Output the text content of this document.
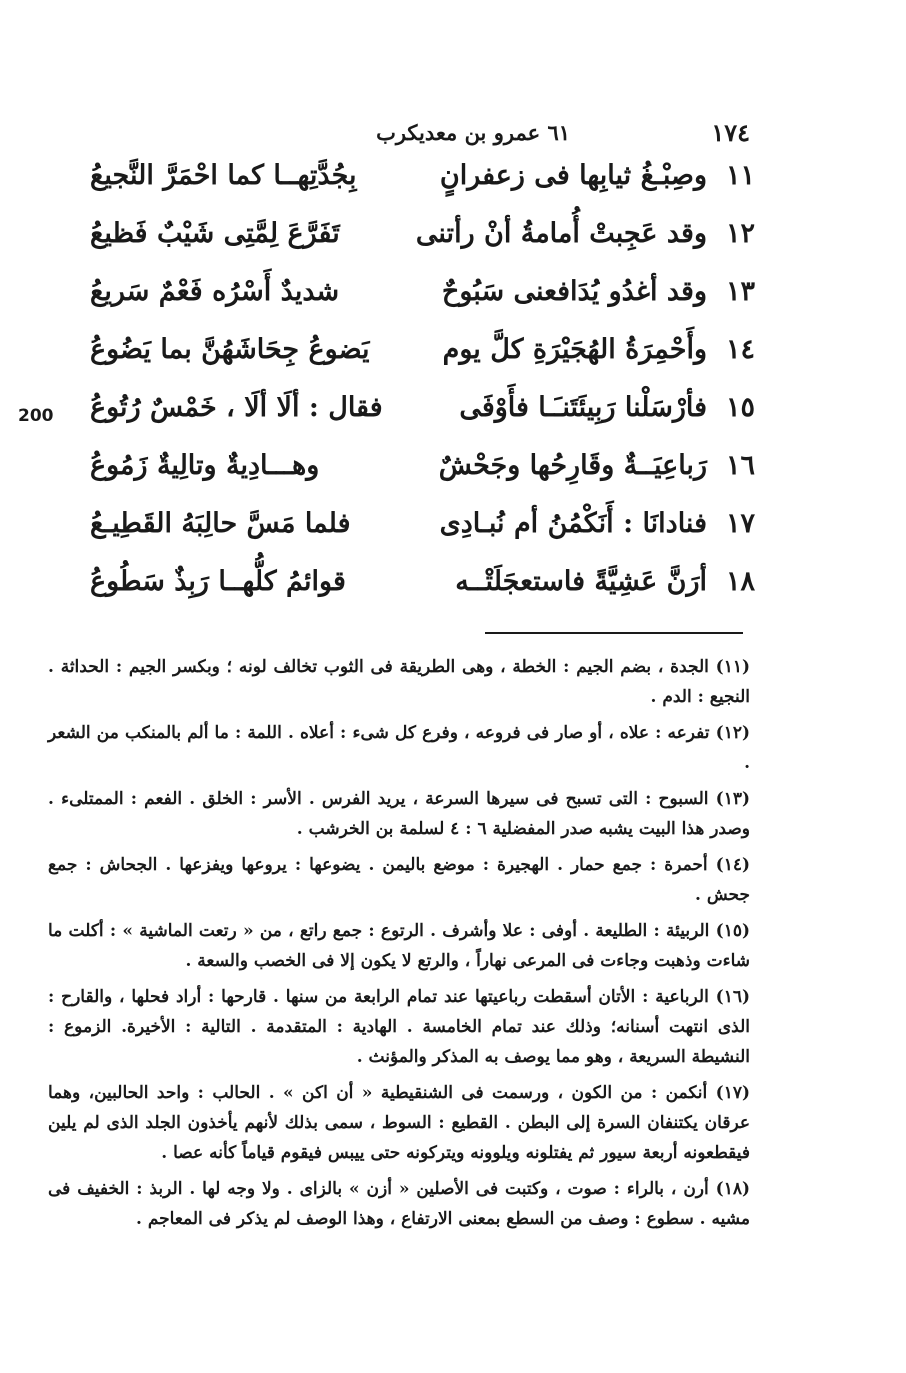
١٧٤
٦١ عمرو بن معديكرب
١١
وصِبْـغُ ثيابِها فى زعفرانٍ
بِجُدَّتِهــا كما احْمَرَّ النَّجيعُ
١٢
وقد عَجِبتْ أُمامةُ أنْ رأتنى
تَفَرَّعَ لِمَّتِى شَيْبٌ فَظيعُ
١٣
وقد أغدُو يُدَافعنى سَبُوحٌ
شديدٌ أَسْرُه فَعْمٌ سَريعُ
١٤
وأَحْمِرَةُ الهُجَيْرَةِ كلَّ يوم
يَضوعُ جِحَاشَهُنَّ بما يَضُوعُ
١٥
فأرْسَلْنا رَبِيئَتَنـَـا فأَوْفَى
فقال : ألَا ألَا ، خَمْسٌ رُتُوعُ
١٦
رَباعِيَــةٌ وقَارِحُها وجَحْشٌ
وهـــادِيةٌ وتالِيةٌ زَمُوعُ
١٧
فنادانَا : أَنَكْمُنُ أم نُبـادِى
فلما مَسَّ حالِبَهُ القَطِيـعُ
١٨
أرَنَّ عَشِيَّةً فاستعجَلَتْــه
قوائمُ كلُّهــا رَبِذٌ سَطُوعُ
200

(١١) الجدة ، بضم الجيم : الخطة ، وهى الطريقة فى الثوب تخالف لونه ؛ وبكسر الجيم : الحداثة . النجيع : الدم .

(١٢) تفرعه : علاه ، أو صار فى فروعه ، وفرع كل شىء : أعلاه . اللمة : ما ألم بالمنكب من الشعر .

(١٣) السبوح : التى تسبح فى سيرها السرعة ، يريد الفرس . الأسر : الخلق . الفعم : الممتلىء . وصدر هذا البيت يشبه صدر المفضلية ٦ : ٤ لسلمة بن الخرشب .

(١٤) أحمرة : جمع حمار . الهجيرة : موضع باليمن . يضوعها : يروعها ويفزعها . الجحاش : جمع جحش .

(١٥) الربيئة : الطليعة . أوفى : علا وأشرف . الرتوع : جمع راتع ، من « رتعت الماشية » : أكلت ما شاءت وذهبت وجاءت فى المرعى نهاراً ، والرتع لا يكون إلا فى الخصب والسعة .

(١٦) الرباعية : الأتان أسقطت رباعيتها عند تمام الرابعة من سنها . قارحها : أراد فحلها ، والقارح : الذى انتهت أسنانه؛ وذلك عند تمام الخامسة . الهادية : المتقدمة . التالية : الأخيرة. الزموع : النشيطة السريعة ، وهو مما يوصف به المذكر والمؤنث .

(١٧) أنكمن : من الكون ، ورسمت فى الشنقيطية « أن اكن » . الحالب : واحد الحالبين، وهما عرقان يكتنفان السرة إلى البطن . القطيع : السوط ، سمى بذلك لأنهم يأخذون الجلد الذى لم يلين فيقطعونه أربعة سيور ثم يفتلونه ويلوونه ويتركونه حتى ييبس فيقوم قياماً كأنه عصا .

(١٨) أرن ، بالراء : صوت ، وكتبت فى الأصلين « أزن » بالزاى . ولا وجه لها . الربذ : الخفيف فى مشيه . سطوع : وصف من السطع بمعنى الارتفاع ، وهذا الوصف لم يذكر فى المعاجم .
